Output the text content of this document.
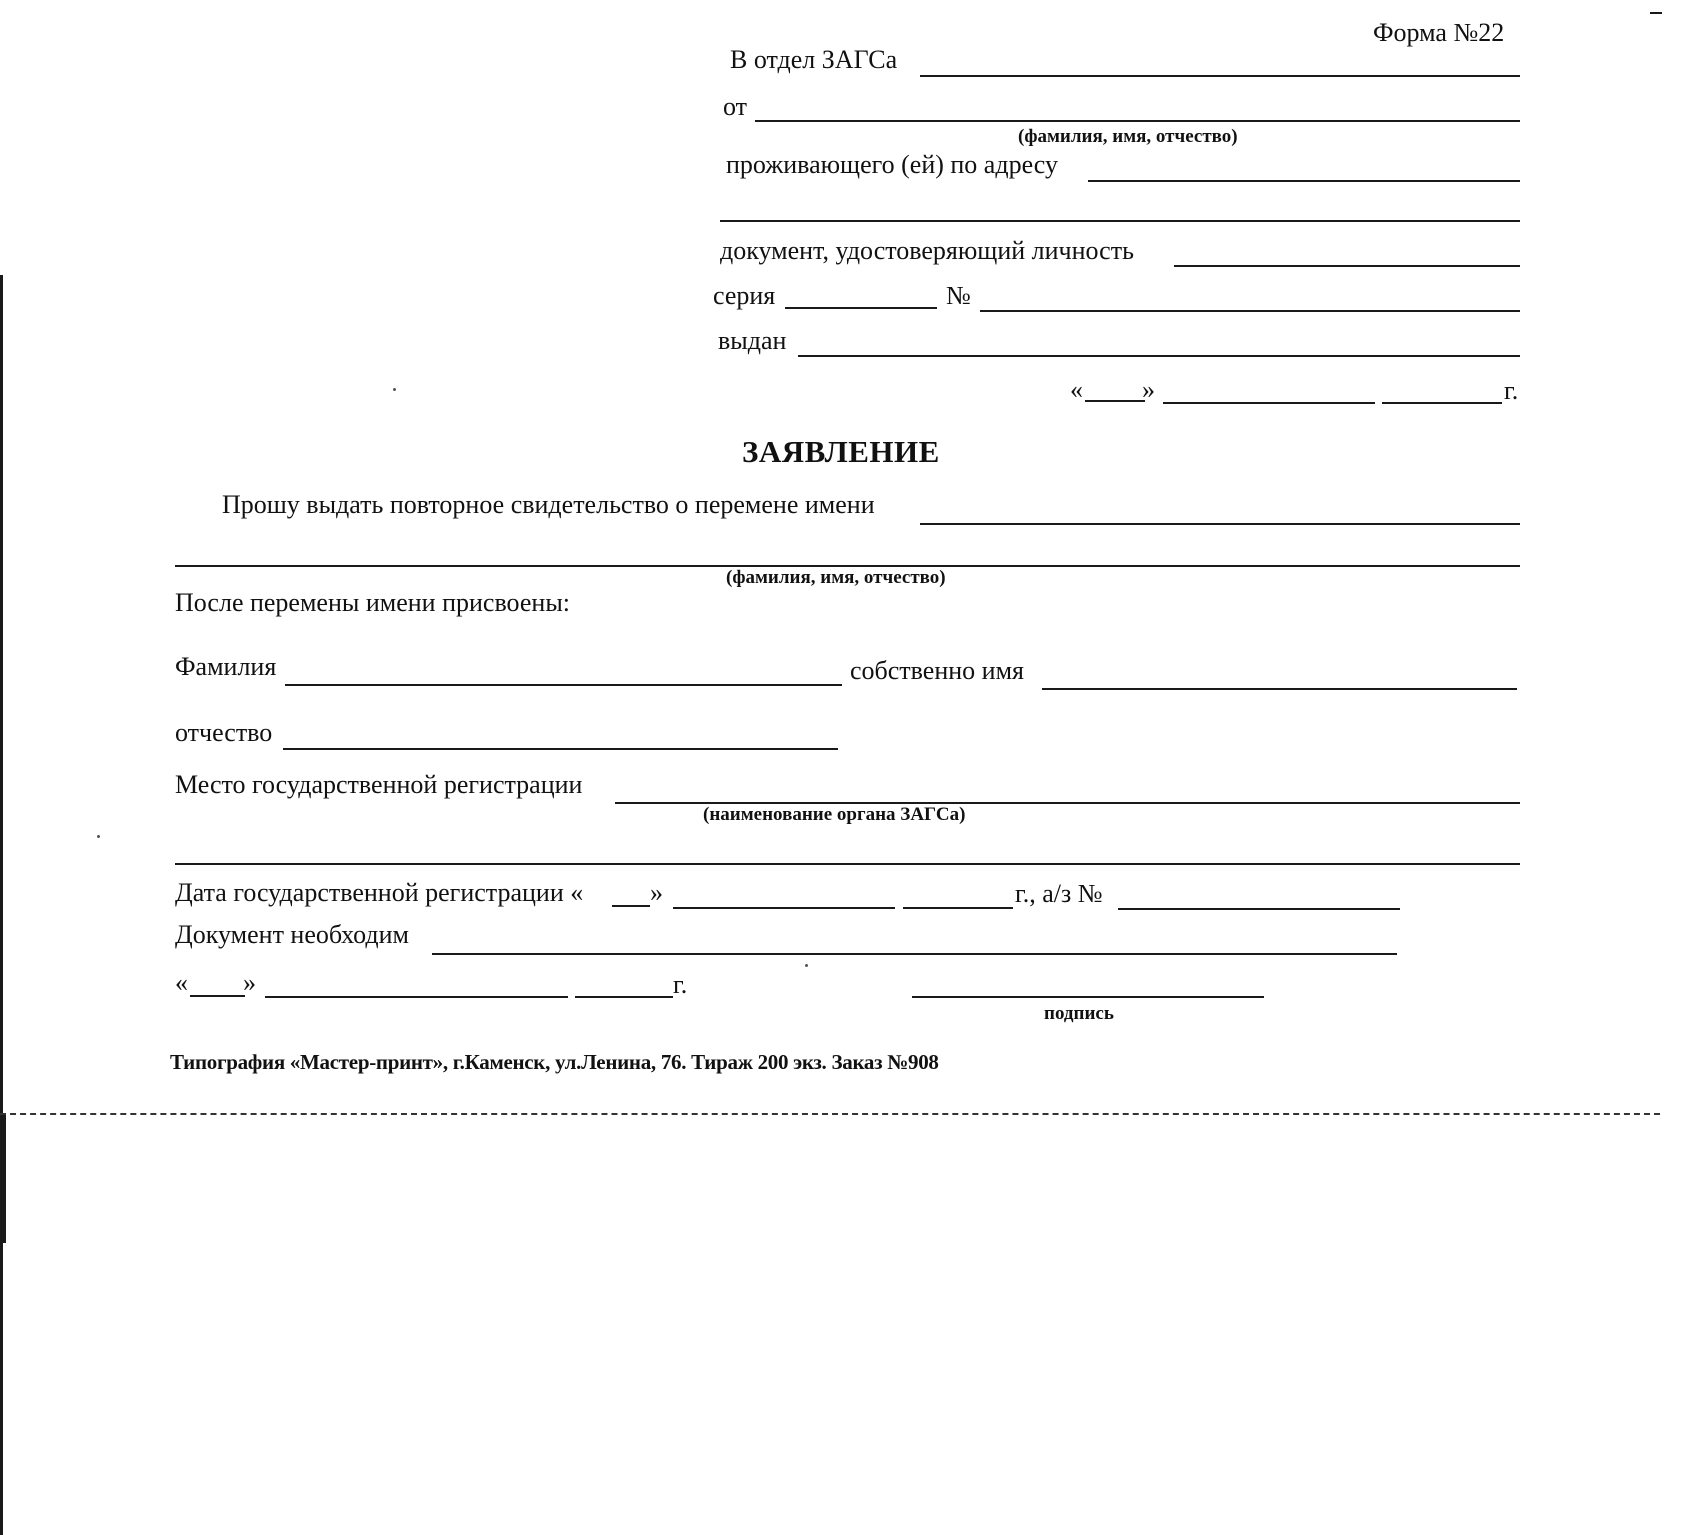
Форма №22
В отдел ЗАГСа
от
(фамилия, имя, отчество)
проживающего (ей) по адресу
документ, удостоверяющий личность
серия	№
выдан
« »	г.
ЗАЯВЛЕНИЕ
Прошу выдать повторное свидетельство о перемене имени
(фамилия, имя, отчество)
После перемены имени присвоены:
Фамилия	собственно имя
отчество
Место государственной регистрации
(наименование органа ЗАГСа)
Дата государственной регистрации «	»	г., а/з №
Документ необходим
« »	г.
подпись
Типография «Мастер-принт», г.Каменск, ул.Ленина, 76. Тираж 200 экз. Заказ №908
